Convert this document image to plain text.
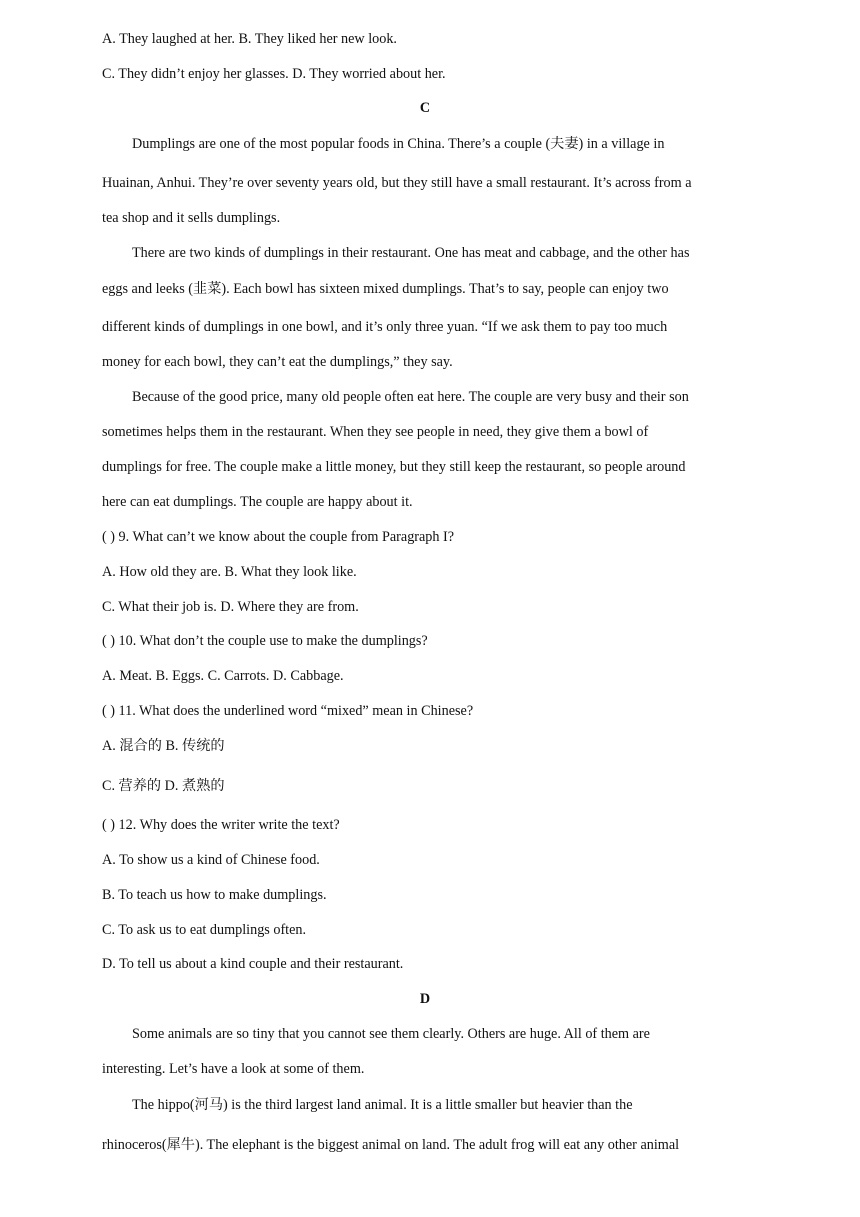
A. They laughed at her. B. They liked her new look.
C. They didn’t enjoy her glasses. D. They worried about her.
C
Dumplings are one of the most popular foods in China. There’s a couple (夫妻) in a village in
Huainan, Anhui. They’re over seventy years old, but they still have a small restaurant. It’s across from a
tea shop and it sells dumplings.
There are two kinds of dumplings in their restaurant. One has meat and cabbage, and the other has
eggs and leeks (韭菜). Each bowl has sixteen mixed dumplings. That’s to say, people can enjoy two
different kinds of dumplings in one bowl, and it’s only three yuan. “If we ask them to pay too much
money for each bowl, they can’t eat the dumplings,” they say.
Because of the good price, many old people often eat here. The couple are very busy and their son
sometimes helps them in the restaurant. When they see people in need, they give them a bowl of
dumplings for free. The couple make a little money, but they still keep the restaurant, so people around
here can eat dumplings. The couple are happy about it.
( ) 9. What can’t we know about the couple from Paragraph I?
A. How old they are. B. What they look like.
C. What their job is. D. Where they are from.
( ) 10. What don’t the couple use to make the dumplings?
A. Meat. B. Eggs. C. Carrots. D. Cabbage.
( ) 11. What does the underlined word “mixed” mean in Chinese?
A. 混合的 B. 传统的
C. 营养的 D. 煮熟的
( ) 12. Why does the writer write the text?
A. To show us a kind of Chinese food.
B. To teach us how to make dumplings.
C. To ask us to eat dumplings often.
D. To tell us about a kind couple and their restaurant.
D
Some animals are so tiny that you cannot see them clearly. Others are huge. All of them are
interesting. Let’s have a look at some of them.
The hippo(河马) is the third largest land animal. It is a little smaller but heavier than the
rhinoceros(犀牛). The elephant is the biggest animal on land. The adult frog will eat any other animal
